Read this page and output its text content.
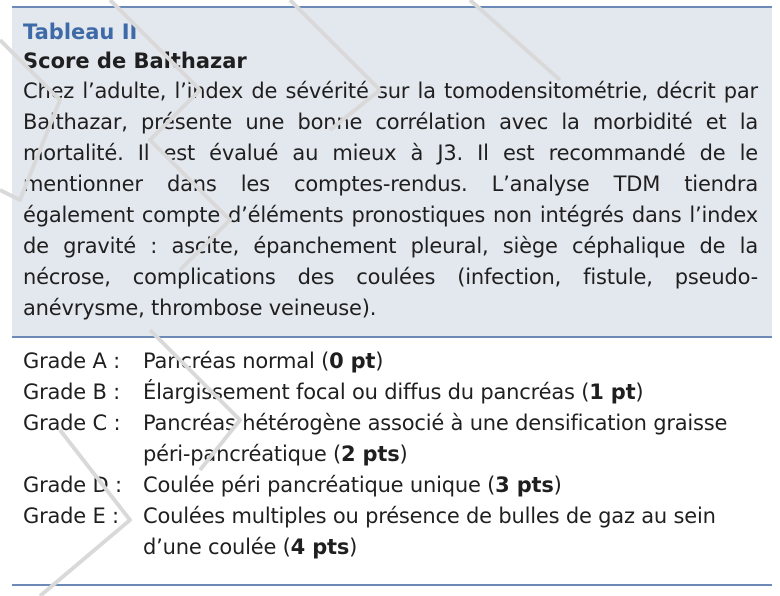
Tableau II
Score de Balthazar
Chez l’adulte, l’index de sévérité sur la tomodensitométrie, décrit par Balthazar, présente une bonne corrélation avec la morbidité et la mortalité. Il est évalué au mieux à J3. Il est recommandé de le mentionner dans les comptes-rendus. L’analyse TDM tiendra également compte d’éléments pronostiques non intégrés dans l’index de gravité : ascite, épanchement pleural, siège céphalique de la nécrose, complications des coulées (infection, fistule, pseudo-anévrysme, thrombose veineuse).
Grade A : Pancréas normal (0 pt)
Grade B : Élargissement focal ou diffus du pancréas (1 pt)
Grade C : Pancréas hétérogène associé à une densification graisse péri-pancréatique (2 pts)
Grade D : Coulée péri pancréatique unique (3 pts)
Grade E : Coulées multiples ou présence de bulles de gaz au sein d’une coulée (4 pts)
